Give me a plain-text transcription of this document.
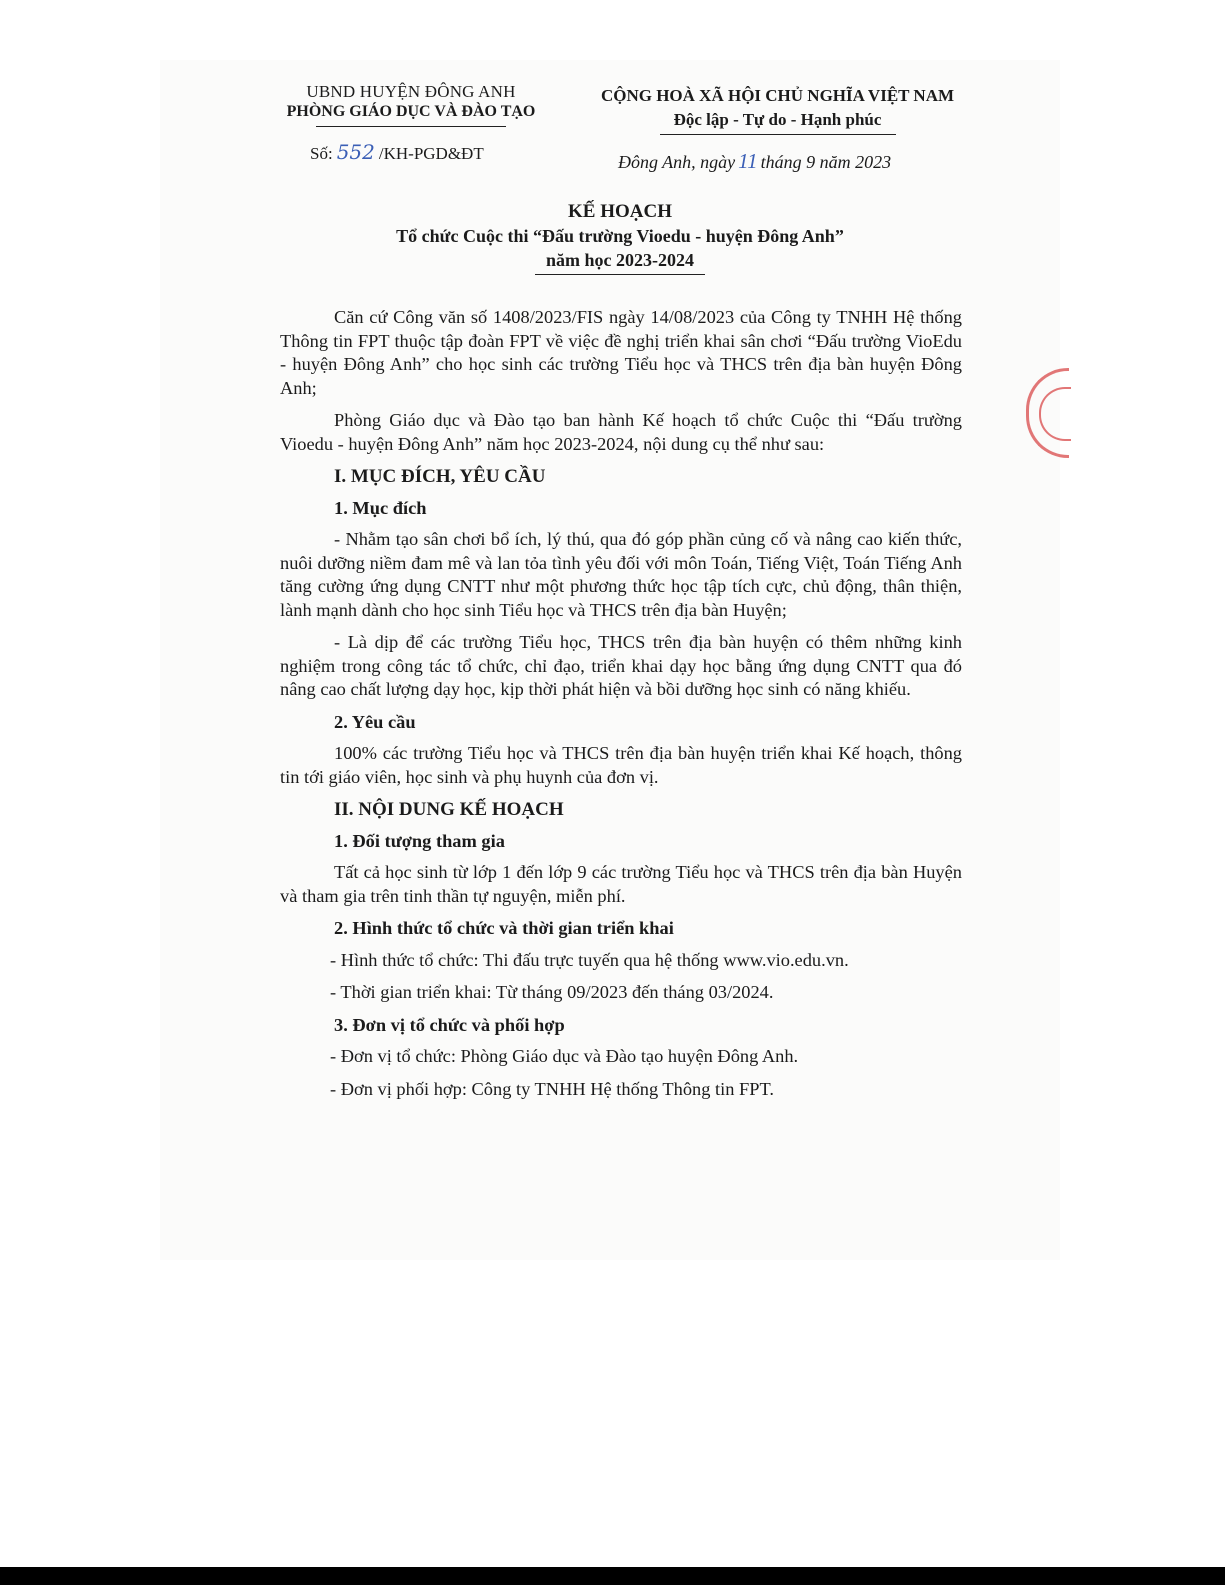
UBND HUYỆN ĐÔNG ANH
PHÒNG GIÁO DỤC VÀ ĐÀO TẠO
Số: 552 /KH-PGD&ĐT
CỘNG HOÀ XÃ HỘI CHỦ NGHĨA VIỆT NAM
Độc lập - Tự do - Hạnh phúc
Đông Anh, ngày 11 tháng 9 năm 2023
KẾ HOẠCH
Tổ chức Cuộc thi “Đấu trường Vioedu - huyện Đông Anh”
năm học 2023-2024

Căn cứ Công văn số 1408/2023/FIS ngày 14/08/2023 của Công ty TNHH Hệ thống Thông tin FPT thuộc tập đoàn FPT về việc đề nghị triển khai sân chơi “Đấu trường VioEdu - huyện Đông Anh” cho học sinh các trường Tiểu học và THCS trên địa bàn huyện Đông Anh;

Phòng Giáo dục và Đào tạo ban hành Kế hoạch tổ chức Cuộc thi “Đấu trường Vioedu - huyện Đông Anh” năm học 2023-2024, nội dung cụ thể như sau:

I. MỤC ĐÍCH, YÊU CẦU
1. Mục đích

- Nhằm tạo sân chơi bổ ích, lý thú, qua đó góp phần củng cố và nâng cao kiến thức, nuôi dưỡng niềm đam mê và lan tỏa tình yêu đối với môn Toán, Tiếng Việt, Toán Tiếng Anh tăng cường ứng dụng CNTT như một phương thức học tập tích cực, chủ động, thân thiện, lành mạnh dành cho học sinh Tiểu học và THCS trên địa bàn Huyện;

- Là dịp để các trường Tiểu học, THCS trên địa bàn huyện có thêm những kinh nghiệm trong công tác tổ chức, chỉ đạo, triển khai dạy học bằng ứng dụng CNTT qua đó nâng cao chất lượng dạy học, kịp thời phát hiện và bồi dưỡng học sinh có năng khiếu.

2. Yêu cầu

100% các trường Tiểu học và THCS trên địa bàn huyện triển khai Kế hoạch, thông tin tới giáo viên, học sinh và phụ huynh của đơn vị.

II. NỘI DUNG KẾ HOẠCH
1. Đối tượng tham gia

Tất cả học sinh từ lớp 1 đến lớp 9 các trường Tiểu học và THCS trên địa bàn Huyện và tham gia trên tinh thần tự nguyện, miễn phí.

2. Hình thức tổ chức và thời gian triển khai
- Hình thức tổ chức: Thi đấu trực tuyến qua hệ thống www.vio.edu.vn.
- Thời gian triển khai: Từ tháng 09/2023 đến tháng 03/2024.
3. Đơn vị tổ chức và phối hợp
- Đơn vị tổ chức: Phòng Giáo dục và Đào tạo huyện Đông Anh.
- Đơn vị phối hợp: Công ty TNHH Hệ thống Thông tin FPT.
